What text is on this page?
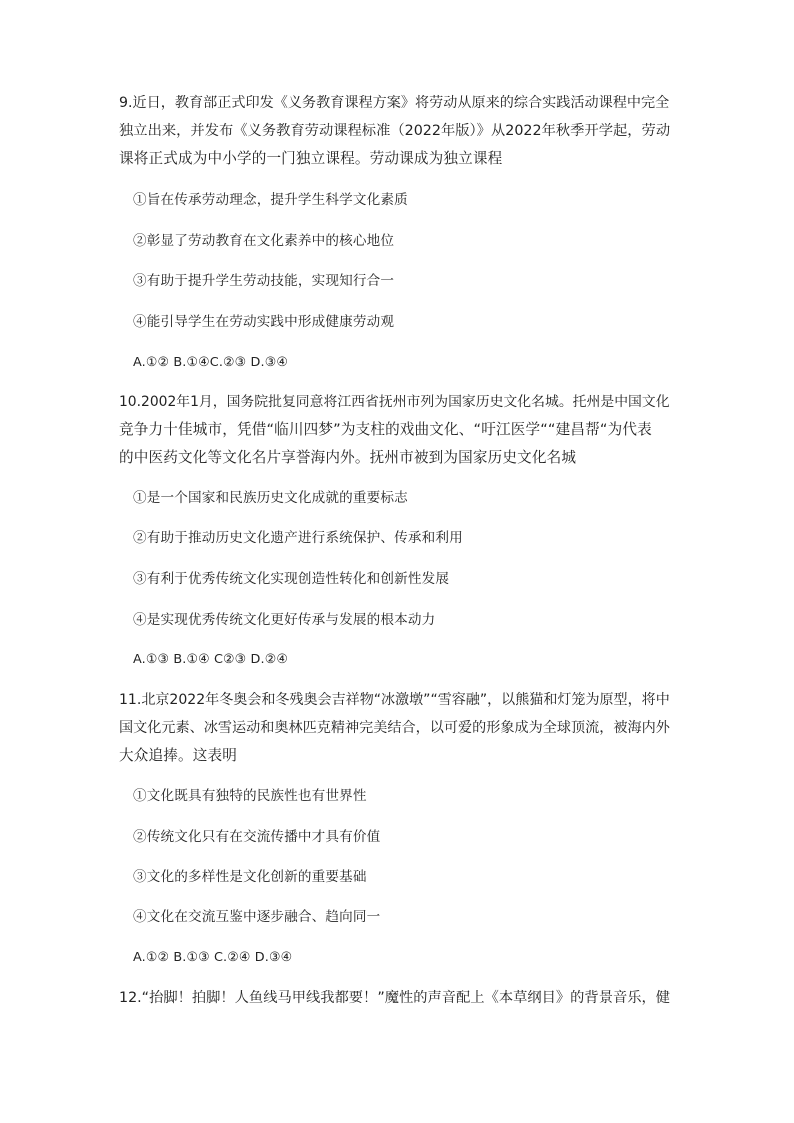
9.近日，教育部正式印发《义务教育课程方案》将劳动从原来的综合实践活动课程中完全
独立出来，并发布《义务教育劳动课程标准（2022年版）》从2022年秋季开学起，劳动
课将正式成为中小学的一门独立课程。劳动课成为独立课程
①旨在传承劳动理念，提升学生科学文化素质
②彰显了劳动教育在文化素养中的核心地位
③有助于提升学生劳动技能，实现知行合一
④能引导学生在劳动实践中形成健康劳动观
A.①② B.①④C.②③ D.③④
10.2002年1月，国务院批复同意将江西省抚州市列为国家历史文化名城。托州是中国文化
竞争力十佳城市，凭借“临川四梦”为支柱的戏曲文化、“吁江医学““建昌帮“为代表
的中医药文化等文化名片享誉海内外。抚州市被到为国家历史文化名城
①是一个国家和民族历史文化成就的重要标志
②有助于推动历史文化遗产进行系统保护、传承和利用
③有利于优秀传统文化实现创造性转化和创新性发展
④是实现优秀传统文化更好传承与发展的根本动力
A.①③ B.①④ C②③ D.②④
11.北京2022年冬奥会和冬残奥会吉祥物“冰激墩”“雪容融”，以熊猫和灯笼为原型，将中
国文化元素、冰雪运动和奥林匹克精神完美结合，以可爱的形象成为全球顶流，被海内外
大众追捧。这表明
①文化既具有独特的民族性也有世界性
②传统文化只有在交流传播中才具有价值
③文化的多样性是文化创新的重要基础
④文化在交流互鉴中逐步融合、趋向同一
A.①② B.①③ C.②④ D.③④
12.“抬脚！拍脚！人鱼线马甲线我都要！”魔性的声音配上《本草纲目》的背景音乐，健
